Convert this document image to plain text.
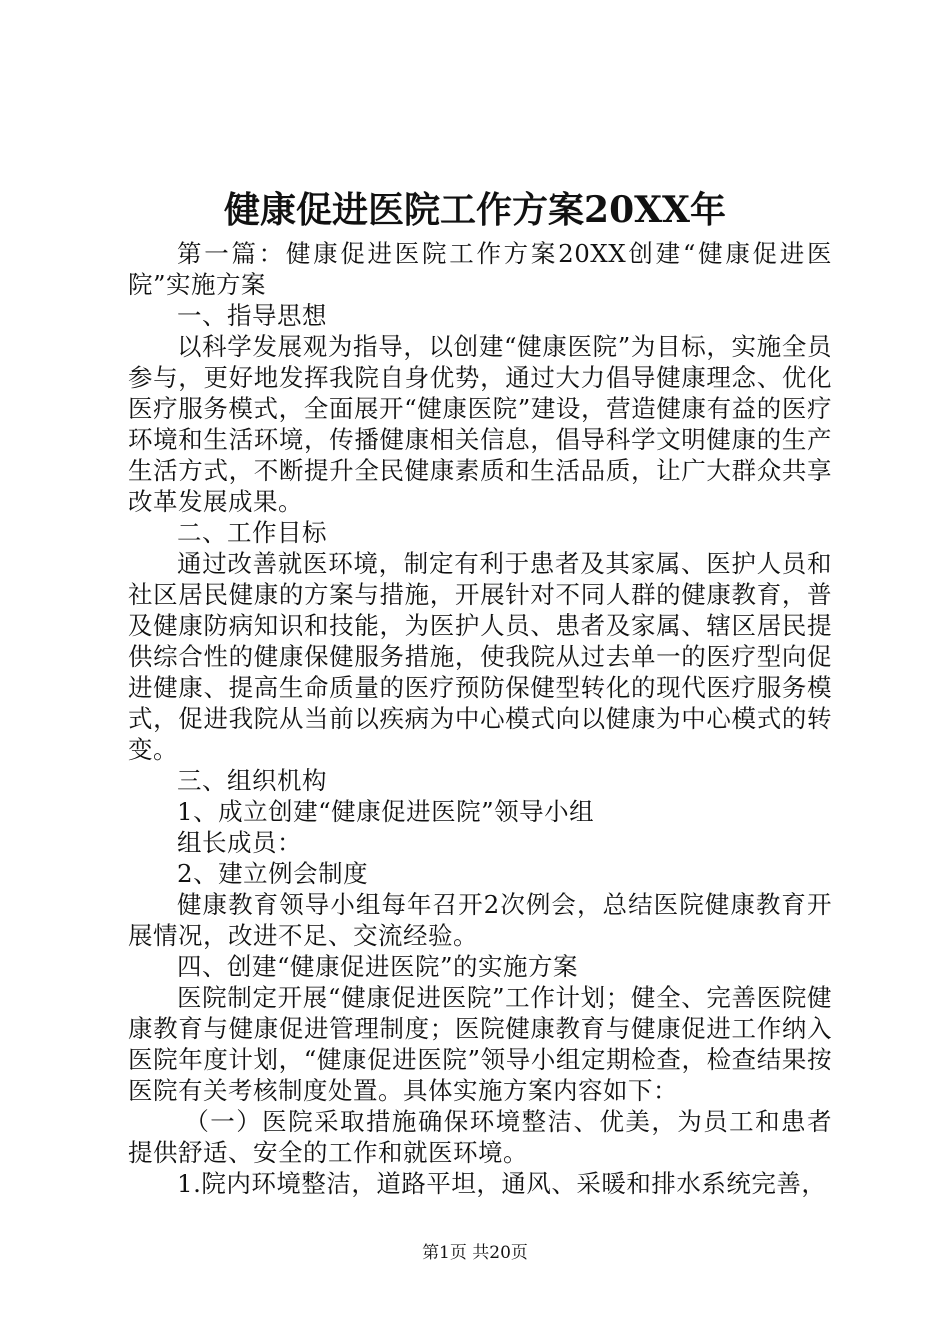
健康促进医院工作方案20XX年

第一篇：健康促进医院工作方案20XX创建“健康促进医院”实施方案

一、指导思想

以科学发展观为指导，以创建“健康医院”为目标，实施全员参与，更好地发挥我院自身优势，通过大力倡导健康理念、优化医疗服务模式，全面展开“健康医院”建设，营造健康有益的医疗环境和生活环境，传播健康相关信息，倡导科学文明健康的生产生活方式，不断提升全民健康素质和生活品质，让广大群众共享改革发展成果。

二、工作目标

通过改善就医环境，制定有利于患者及其家属、医护人员和社区居民健康的方案与措施，开展针对不同人群的健康教育，普及健康防病知识和技能，为医护人员、患者及家属、辖区居民提供综合性的健康保健服务措施，使我院从过去单一的医疗型向促进健康、提高生命质量的医疗预防保健型转化的现代医疗服务模式，促进我院从当前以疾病为中心模式向以健康为中心模式的转变。

三、组织机构

1、成立创建“健康促进医院”领导小组

组长成员：

2、建立例会制度

健康教育领导小组每年召开2次例会，总结医院健康教育开展情况，改进不足、交流经验。

四、创建“健康促进医院”的实施方案

医院制定开展“健康促进医院”工作计划；健全、完善医院健康教育与健康促进管理制度；医院健康教育与健康促进工作纳入医院年度计划，“健康促进医院”领导小组定期检查，检查结果按医院有关考核制度处置。具体实施方案内容如下：

（一）医院采取措施确保环境整洁、优美，为员工和患者提供舒适、安全的工作和就医环境。

1.院内环境整洁，道路平坦，通风、采暖和排水系统完善，

第1页 共20页
